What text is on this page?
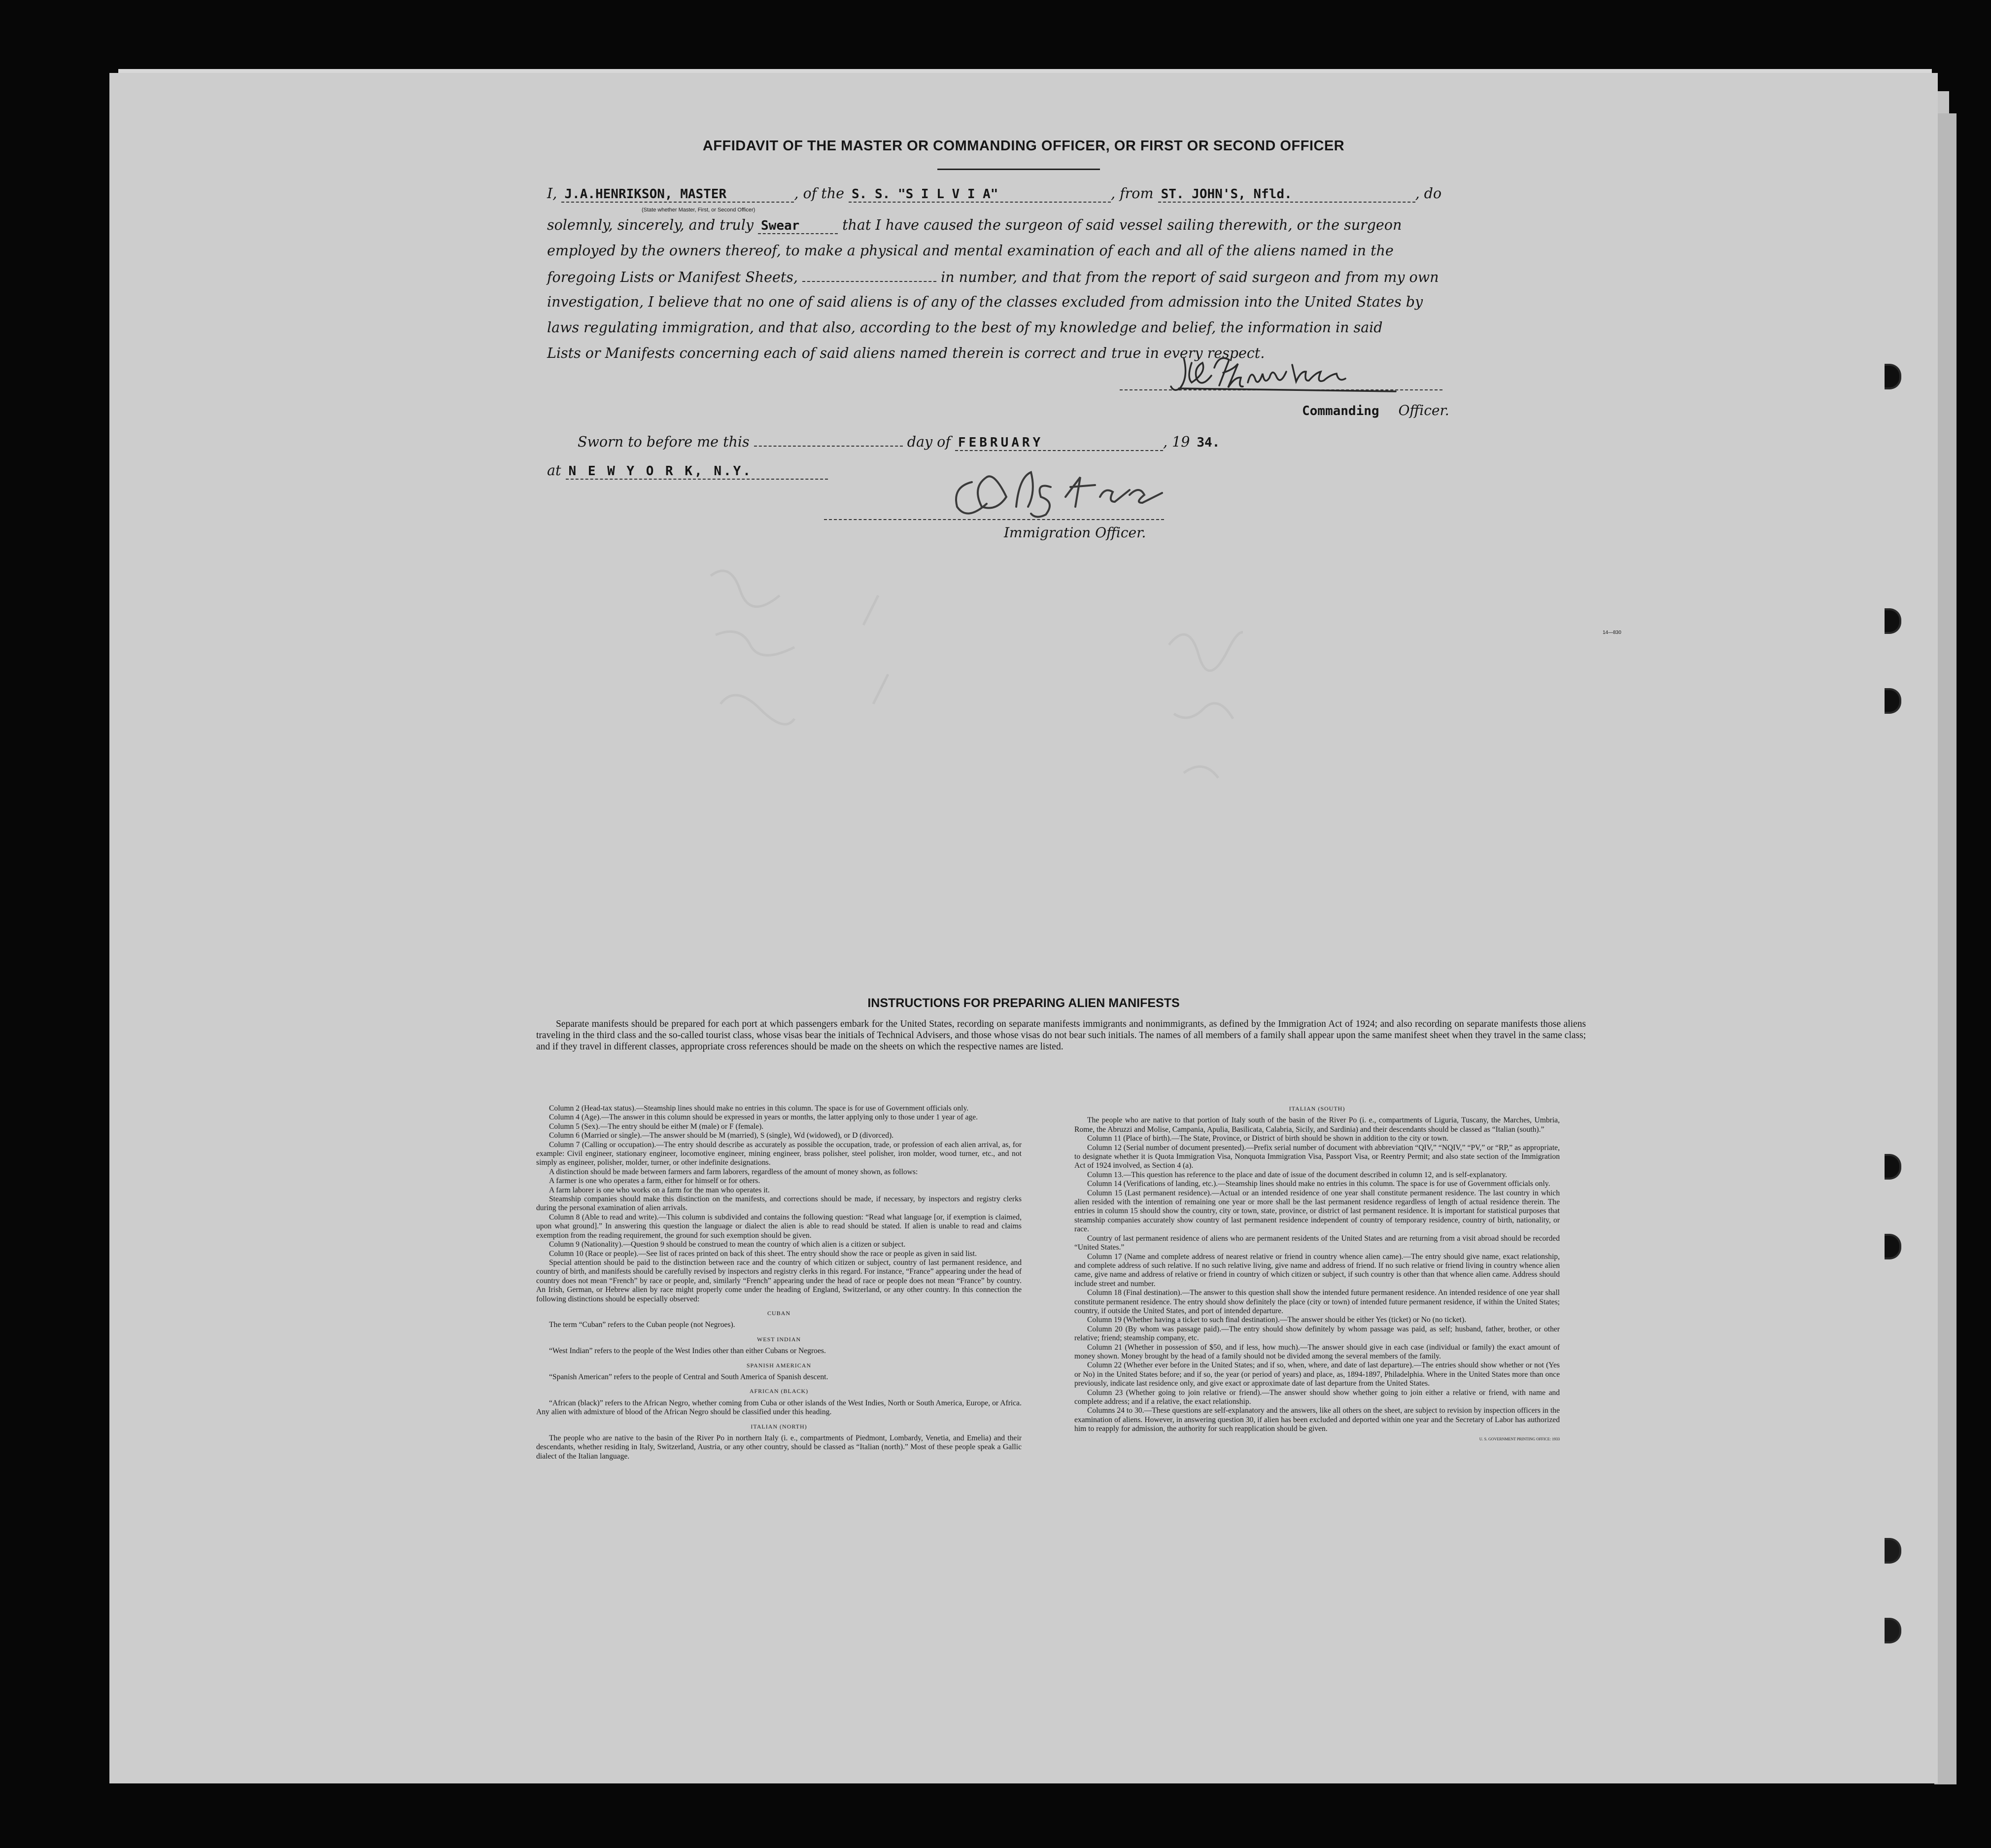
AFFIDAVIT OF THE MASTER OR COMMANDING OFFICER, OR FIRST OR SECOND OFFICER
I, J.A.HENRIKSON, MASTER	, of the S. S. "S I L V I A"	, from ST. JOHN'S, Nfld.	, do
(State whether Master, First, or Second Officer)
solemnly, sincerely, and truly Swear	that I have caused the surgeon of said vessel sailing therewith, or the surgeon
employed by the owners thereof, to make a physical and mental examination of each and all of the aliens named in the
foregoing Lists or Manifest Sheets,	in number, and that from the report of said surgeon and from my own
investigation, I believe that no one of said aliens is of any of the classes excluded from admission into the United States by
laws regulating immigration, and that also, according to the best of my knowledge and belief, the information in said
Lists or Manifests concerning each of said aliens named therein is correct and true in every respect.
Commanding Officer.
Sworn to before me this	day of FEBRUARY	, 19 34.
at N E W Y O R K, N.Y.
Immigration Officer.
14—830
INSTRUCTIONS FOR PREPARING ALIEN MANIFESTS
Separate manifests should be prepared for each port at which passengers embark for the United States, recording on separate manifests immigrants and nonimmigrants, as defined by the Immigration Act of 1924; and also recording on separate manifests those aliens traveling in the third class and the so-called tourist class, whose visas bear the initials of Technical Advisers, and those whose visas do not bear such initials. The names of all members of a family shall appear upon the same manifest sheet when they travel in the same class; and if they travel in different classes, appropriate cross references should be made on the sheets on which the respective names are listed.

Column 2 (Head-tax status).—Steamship lines should make no entries in this column. The space is for use of Government officials only.

Column 4 (Age).—The answer in this column should be expressed in years or months, the latter applying only to those under 1 year of age.

Column 5 (Sex).—The entry should be either M (male) or F (female).

Column 6 (Married or single).—The answer should be M (married), S (single), Wd (widowed), or D (divorced).

Column 7 (Calling or occupation).—The entry should describe as accurately as possible the occupation, trade, or profession of each alien arrival, as, for example: Civil engineer, stationary engineer, locomotive engineer, mining engineer, brass polisher, steel polisher, iron molder, wood turner, etc., and not simply as engineer, polisher, molder, turner, or other indefinite designations.

A distinction should be made between farmers and farm laborers, regardless of the amount of money shown, as follows:

A farmer is one who operates a farm, either for himself or for others.

A farm laborer is one who works on a farm for the man who operates it.

Steamship companies should make this distinction on the manifests, and corrections should be made, if necessary, by inspectors and registry clerks during the personal examination of alien arrivals.

Column 8 (Able to read and write).—This column is subdivided and contains the following question: “Read what language [or, if exemption is claimed, upon what ground].” In answering this question the language or dialect the alien is able to read should be stated. If alien is unable to read and claims exemption from the reading requirement, the ground for such exemption should be given.

Column 9 (Nationality).—Question 9 should be construed to mean the country of which alien is a citizen or subject.

Column 10 (Race or people).—See list of races printed on back of this sheet. The entry should show the race or people as given in said list.

Special attention should be paid to the distinction between race and the country of which citizen or subject, country of last permanent residence, and country of birth, and manifests should be carefully revised by inspectors and registry clerks in this regard. For instance, “France” appearing under the head of country does not mean “French” by race or people, and, similarly “French” appearing under the head of race or people does not mean “France” by country. An Irish, German, or Hebrew alien by race might properly come under the heading of England, Switzerland, or any other country. In this connection the following distinctions should be especially observed:

CUBAN

The term “Cuban” refers to the Cuban people (not Negroes).

WEST INDIAN

“West Indian” refers to the people of the West Indies other than either Cubans or Negroes.

SPANISH AMERICAN

“Spanish American” refers to the people of Central and South America of Spanish descent.

AFRICAN (BLACK)

“African (black)” refers to the African Negro, whether coming from Cuba or other islands of the West Indies, North or South America, Europe, or Africa. Any alien with admixture of blood of the African Negro should be classified under this heading.

ITALIAN (NORTH)

The people who are native to the basin of the River Po in northern Italy (i. e., compartments of Piedmont, Lombardy, Venetia, and Emelia) and their descendants, whether residing in Italy, Switzerland, Austria, or any other country, should be classed as “Italian (north).” Most of these people speak a Gallic dialect of the Italian language.

ITALIAN (SOUTH)

The people who are native to that portion of Italy south of the basin of the River Po (i. e., compartments of Liguria, Tuscany, the Marches, Umbria, Rome, the Abruzzi and Molise, Campania, Apulia, Basilicata, Calabria, Sicily, and Sardinia) and their descendants should be classed as “Italian (south).”

Column 11 (Place of birth).—The State, Province, or District of birth should be shown in addition to the city or town.

Column 12 (Serial number of document presented).—Prefix serial number of document with abbreviation “QIV,” “NQIV,” “PV,” or “RP,” as appropriate, to designate whether it is Quota Immigration Visa, Nonquota Immigration Visa, Passport Visa, or Reentry Permit; and also state section of the Immigration Act of 1924 involved, as Section 4 (a).

Column 13.—This question has reference to the place and date of issue of the document described in column 12, and is self-explanatory.

Column 14 (Verifications of landing, etc.).—Steamship lines should make no entries in this column. The space is for use of Government officials only.

Column 15 (Last permanent residence).—Actual or an intended residence of one year shall constitute permanent residence. The last country in which alien resided with the intention of remaining one year or more shall be the last permanent residence regardless of length of actual residence therein. The entries in column 15 should show the country, city or town, state, province, or district of last permanent residence. It is important for statistical purposes that steamship companies accurately show country of last permanent residence independent of country of temporary residence, country of birth, nationality, or race.

Country of last permanent residence of aliens who are permanent residents of the United States and are returning from a visit abroad should be recorded “United States.”

Column 17 (Name and complete address of nearest relative or friend in country whence alien came).—The entry should give name, exact relationship, and complete address of such relative. If no such relative living, give name and address of friend. If no such relative or friend living in country whence alien came, give name and address of relative or friend in country of which citizen or subject, if such country is other than that whence alien came. Address should include street and number.

Column 18 (Final destination).—The answer to this question shall show the intended future permanent residence. An intended residence of one year shall constitute permanent residence. The entry should show definitely the place (city or town) of intended future permanent residence, if within the United States; country, if outside the United States, and port of intended departure.

Column 19 (Whether having a ticket to such final destination).—The answer should be either Yes (ticket) or No (no ticket).

Column 20 (By whom was passage paid).—The entry should show definitely by whom passage was paid, as self; husband, father, brother, or other relative; friend; steamship company, etc.

Column 21 (Whether in possession of $50, and if less, how much).—The answer should give in each case (individual or family) the exact amount of money shown. Money brought by the head of a family should not be divided among the several members of the family.

Column 22 (Whether ever before in the United States; and if so, when, where, and date of last departure).—The entries should show whether or not (Yes or No) in the United States before; and if so, the year (or period of years) and place, as, 1894-1897, Philadelphia. Where in the United States more than once previously, indicate last residence only, and give exact or approximate date of last departure from the United States.

Column 23 (Whether going to join relative or friend).—The answer should show whether going to join either a relative or friend, with name and complete address; and if a relative, the exact relationship.

Columns 24 to 30.—These questions are self-explanatory and the answers, like all others on the sheet, are subject to revision by inspection officers in the examination of aliens. However, in answering question 30, if alien has been excluded and deported within one year and the Secretary of Labor has authorized him to reapply for admission, the authority for such reapplication should be given.

U. S. GOVERNMENT PRINTING OFFICE: 1933
